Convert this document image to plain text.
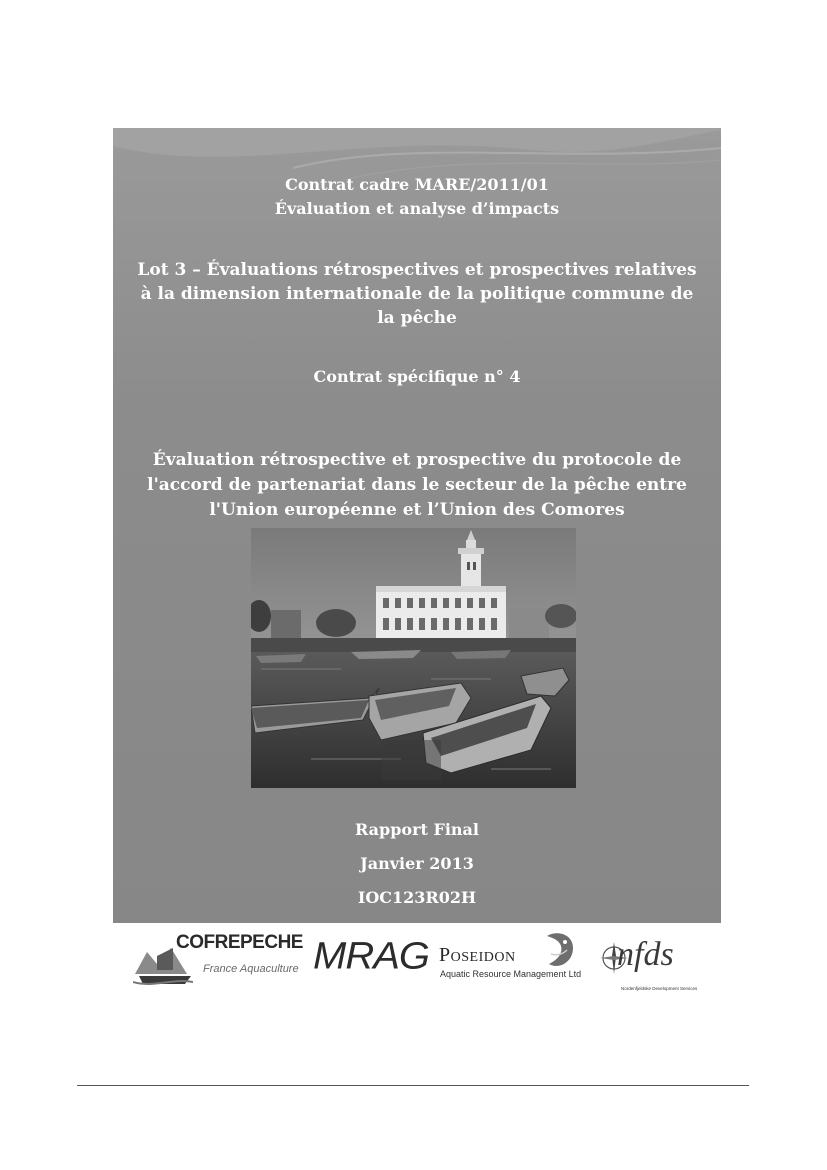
Contrat cadre MARE/2011/01
Évaluation et analyse d’impacts
Lot 3 – Évaluations rétrospectives et prospectives relatives
à la dimension internationale de la politique commune de
la pêche
Contrat spécifique n° 4
Évaluation rétrospective et prospective du protocole de
l'accord de partenariat dans le secteur de la pêche entre
l'Union européenne et l’Union des Comores
Rapport Final
Janvier 2013
IOC123R02H
COFREPECHE
France Aquaculture MRAG Poseidon
Aquatic Resource Management Ltd
nfds
Nordenfjeldske Development Services
